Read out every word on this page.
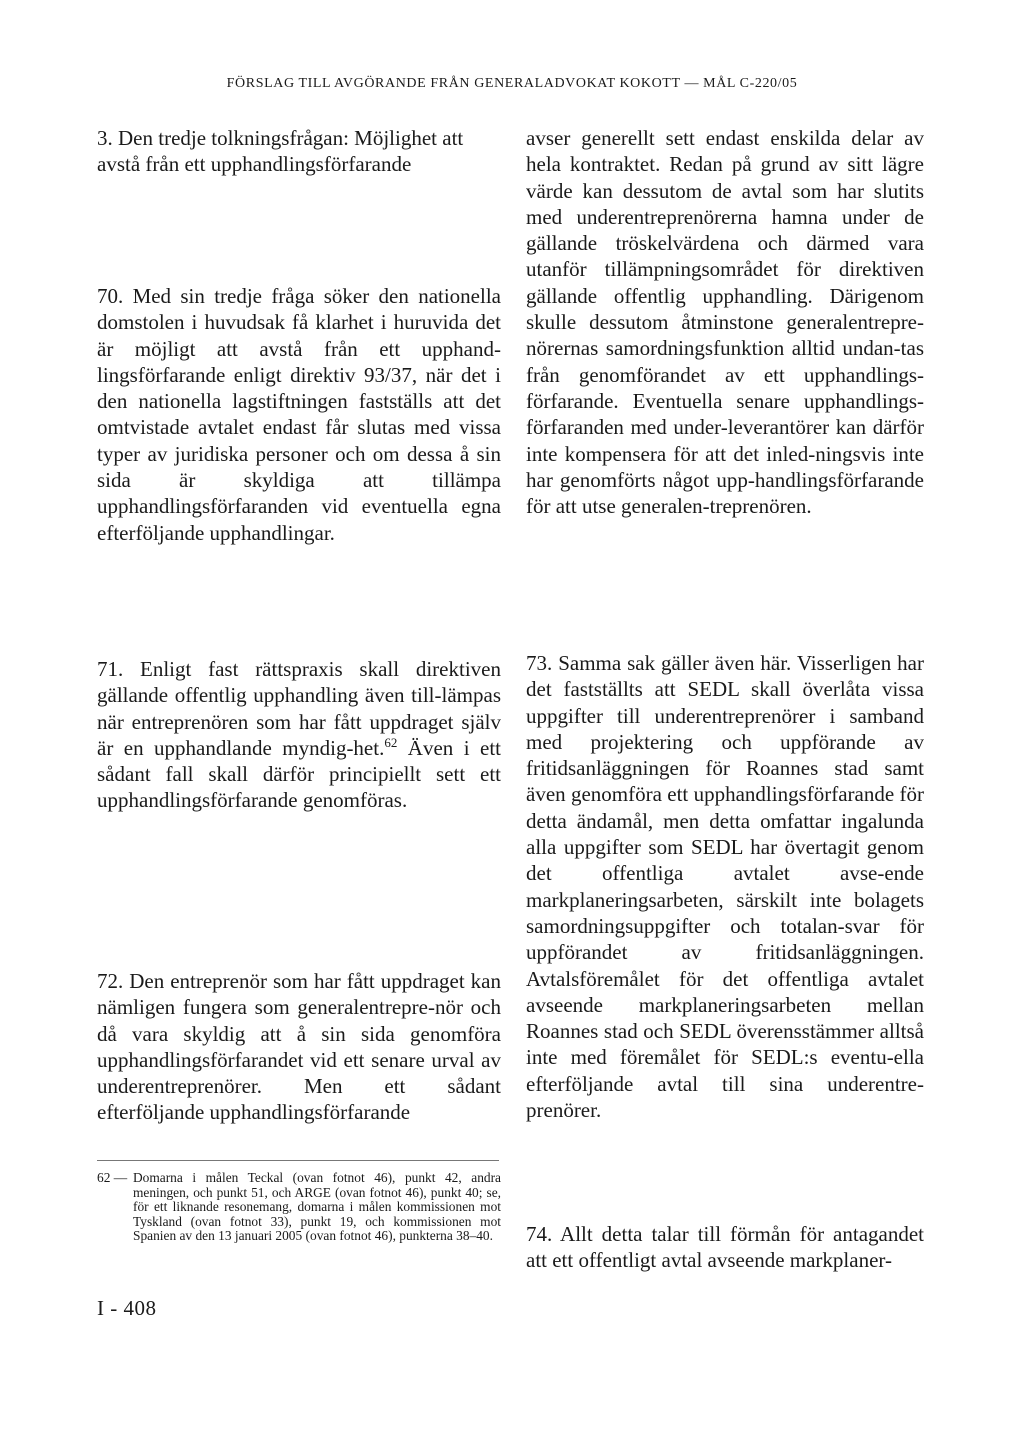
FÖRSLAG TILL AVGÖRANDE FRÅN GENERALADVOKAT KOKOTT — MÅL C-220/05
3. Den tredje tolkningsfrågan: Möjlighet att avstå från ett upphandlingsförfarande
70. Med sin tredje fråga söker den nationella domstolen i huvudsak få klarhet i huruvida det är möjligt att avstå från ett upphand-lingsförfarande enligt direktiv 93/37, när det i den nationella lagstiftningen fastställs att det omtvistade avtalet endast får slutas med vissa typer av juridiska personer och om dessa å sin sida är skyldiga att tillämpa upphandlingsförfaranden vid eventuella egna efterföljande upphandlingar.
71. Enligt fast rättspraxis skall direktiven gällande offentlig upphandling även till-lämpas när entreprenören som har fått uppdraget själv är en upphandlande myndig-het.$^{62}$ Även i ett sådant fall skall därför principiellt sett ett upphandlingsförfarande genomföras.
72. Den entreprenör som har fått uppdraget kan nämligen fungera som generalentrepre-nör och då vara skyldig att å sin sida genomföra upphandlingsförfarandet vid ett senare urval av underentreprenörer. Men ett sådant efterföljande upphandlingsförfarande
avser generellt sett endast enskilda delar av hela kontraktet. Redan på grund av sitt lägre värde kan dessutom de avtal som har slutits med underentreprenörerna hamna under de gällande tröskelvärdena och därmed vara utanför tillämpningsområdet för direktiven gällande offentlig upphandling. Därigenom skulle dessutom åtminstone generalentrepre-nörernas samordningsfunktion alltid undan-tas från genomförandet av ett upphandlings-förfarande. Eventuella senare upphandlings-förfaranden med under-leverantörer kan därför inte kompensera för att det inled-ningsvis inte har genomförts något upp-handlingsförfarande för att utse generalen-treprenören.
73. Samma sak gäller även här. Visserligen har det fastställts att SEDL skall överlåta vissa uppgifter till underentreprenörer i samband med projektering och uppförande av fritidsanläggningen för Roannes stad samt även genomföra ett upphandlingsförfarande för detta ändamål, men detta omfattar ingalunda alla uppgifter som SEDL har övertagit genom det offentliga avtalet avse-ende markplaneringsarbeten, särskilt inte bolagets samordningsuppgifter och totalan-svar för uppförandet av fritidsanläggningen. Avtalsföremålet för det offentliga avtalet avseende markplaneringsarbeten mellan Roannes stad och SEDL överensstämmer alltså inte med föremålet för SEDL:s eventu-ella efterföljande avtal till sina underentre-prenörer.
74. Allt detta talar till förmån för antagandet att ett offentligt avtal avseende markplaner-
62 — Domarna i målen Teckal (ovan fotnot 46), punkt 42, andra meningen, och punkt 51, och ARGE (ovan fotnot 46), punkt 40; se, för ett liknande resonemang, domarna i målen kommissionen mot Tyskland (ovan fotnot 33), punkt 19, och kommissionen mot Spanien av den 13 januari 2005 (ovan fotnot 46), punkterna 38–40.
I - 408
